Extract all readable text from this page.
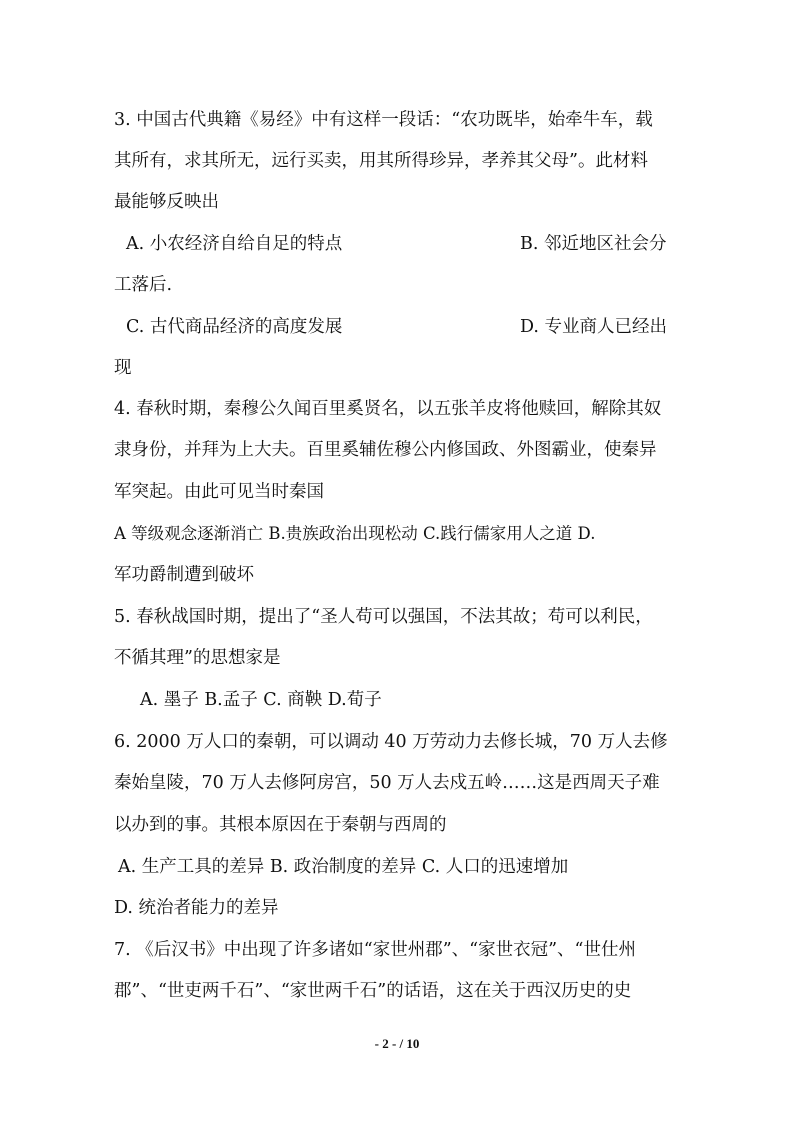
3. 中国古代典籍《易经》中有这样一段话：“农功既毕，始牵牛车，载
其所有，求其所无，远行买卖，用其所得珍异，孝养其父母”。此材料
最能够反映出
A. 小农经济自给自足的特点	B. 邻近地区社会分
工落后.
C. 古代商品经济的高度发展	D. 专业商人已经出
现
4. 春秋时期，秦穆公久闻百里奚贤名，以五张羊皮将他赎回，解除其奴
隶身份，并拜为上大夫。百里奚辅佐穆公内修国政、外图霸业，使秦异
军突起。由此可见当时秦国
A 等级观念逐渐消亡 B.贵族政治出现松动 C.践行儒家用人之道 D.
军功爵制遭到破坏
5. 春秋战国时期，提出了“圣人苟可以强国，不法其故；苟可以利民，
不循其理”的思想家是
A. 墨子 B.孟子 C. 商鞅 D.荀子
6. 2000 万人口的秦朝，可以调动 40 万劳动力去修长城，70 万人去修
秦始皇陵，70 万人去修阿房宫，50 万人去戍五岭……这是西周天子难
以办到的事。其根本原因在于秦朝与西周的
A. 生产工具的差异 B. 政治制度的差异 C. 人口的迅速增加
D. 统治者能力的差异
7. 《后汉书》中出现了许多诸如“家世州郡”、“家世衣冠”、“世仕州
郡”、“世吏两千石”、“家世两千石”的话语，这在关于西汉历史的史
- 2 - / 10
